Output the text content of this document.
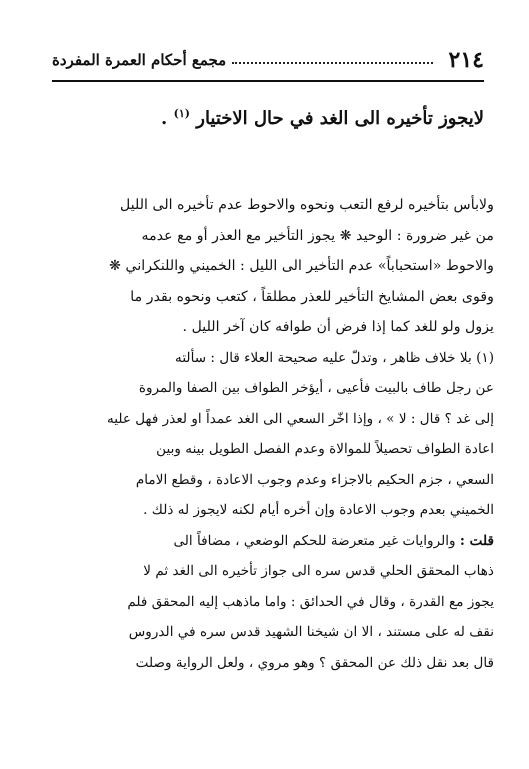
٢١٤
مجمع أحكام العمرة المفردة
لايجوز تأخيره الى الغد في حال الاختيار $^{(١)}$ .
ولابأس بتأخيره لرفع التعب ونحوه والاحوط عدم تأخيره الى الليل
من غير ضرورة : الوحيد ❋ يجوز التأخير مع العذر أو مع عدمه
والاحوط «استحباباً» عدم التأخير الى الليل : الخميني واللنكراني ❋
وقوى بعض المشايخ التأخير للعذر مطلقاً ، كتعب ونحوه بقدر ما
يزول ولو للغد كما إذا فرض أن طوافه كان آخر الليل .
(١) بلا خلاف ظاهر ، وتدلّ عليه صحيحة العلاء قال : سألته
عن رجل طاف بالبيت فأعيى ، أيؤخر الطواف بين الصفا والمروة
إلى غد ؟ قال : لا » ، وإذا اخّر السعي الى الغد عمداً او لعذر فهل عليه
اعادة الطواف تحصيلاً للموالاة وعدم الفصل الطويل بينه وبين
السعي ، جزم الحكيم بالاجزاء وعدم وجوب الاعادة ، وقطع الامام
الخميني بعدم وجوب الاعادة وإن أخره أيام لكنه لايجوز له ذلك .
قلت : والروايات غير متعرضة للحكم الوضعي ، مضافاً الى
ذهاب المحقق الحلي قدس سره الى جواز تأخيره الى الغد ثم لا
يجوز مع القدرة ، وقال في الحدائق : واما ماذهب إليه المحقق فلم
نقف له على مستند ، الا ان شيخنا الشهيد قدس سره في الدروس
قال بعد نقل ذلك عن المحقق ؟ وهو مروي ، ولعل الرواية وصلت
